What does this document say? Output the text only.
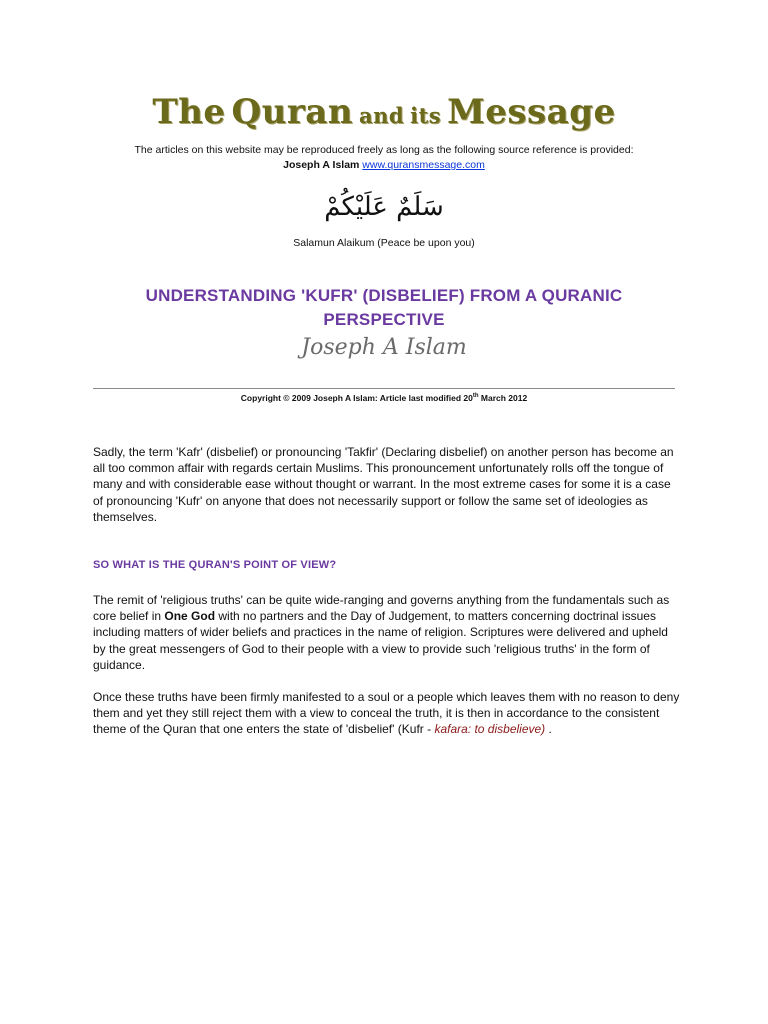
The Quran and its Message
The articles on this website may be reproduced freely as long as the following source reference is provided:
Joseph A Islam www.quransmessage.com
سَلَمٌ عَلَيْكُمْ
Salamun Alaikum (Peace be upon you)
UNDERSTANDING 'KUFR' (DISBELIEF) FROM A QURANIC PERSPECTIVE
Joseph A Islam
Copyright © 2009 Joseph A Islam: Article last modified 20th March 2012
Sadly, the term 'Kafr' (disbelief) or pronouncing 'Takfir' (Declaring disbelief) on another person has become an all too common affair with regards certain Muslims. This pronouncement unfortunately rolls off the tongue of many and with considerable ease without thought or warrant. In the most extreme cases for some it is a case of pronouncing 'Kufr' on anyone that does not necessarily support or follow the same set of ideologies as themselves.
SO WHAT IS THE QURAN'S POINT OF VIEW?
The remit of 'religious truths' can be quite wide-ranging and governs anything from the fundamentals such as core belief in One God with no partners and the Day of Judgement, to matters concerning doctrinal issues including matters of wider beliefs and practices in the name of religion. Scriptures were delivered and upheld by the great messengers of God to their people with a view to provide such 'religious truths' in the form of guidance.
Once these truths have been firmly manifested to a soul or a people which leaves them with no reason to deny them and yet they still reject them with a view to conceal the truth, it is then in accordance to the consistent theme of the Quran that one enters the state of 'disbelief' (Kufr - kafara: to disbelieve) .
